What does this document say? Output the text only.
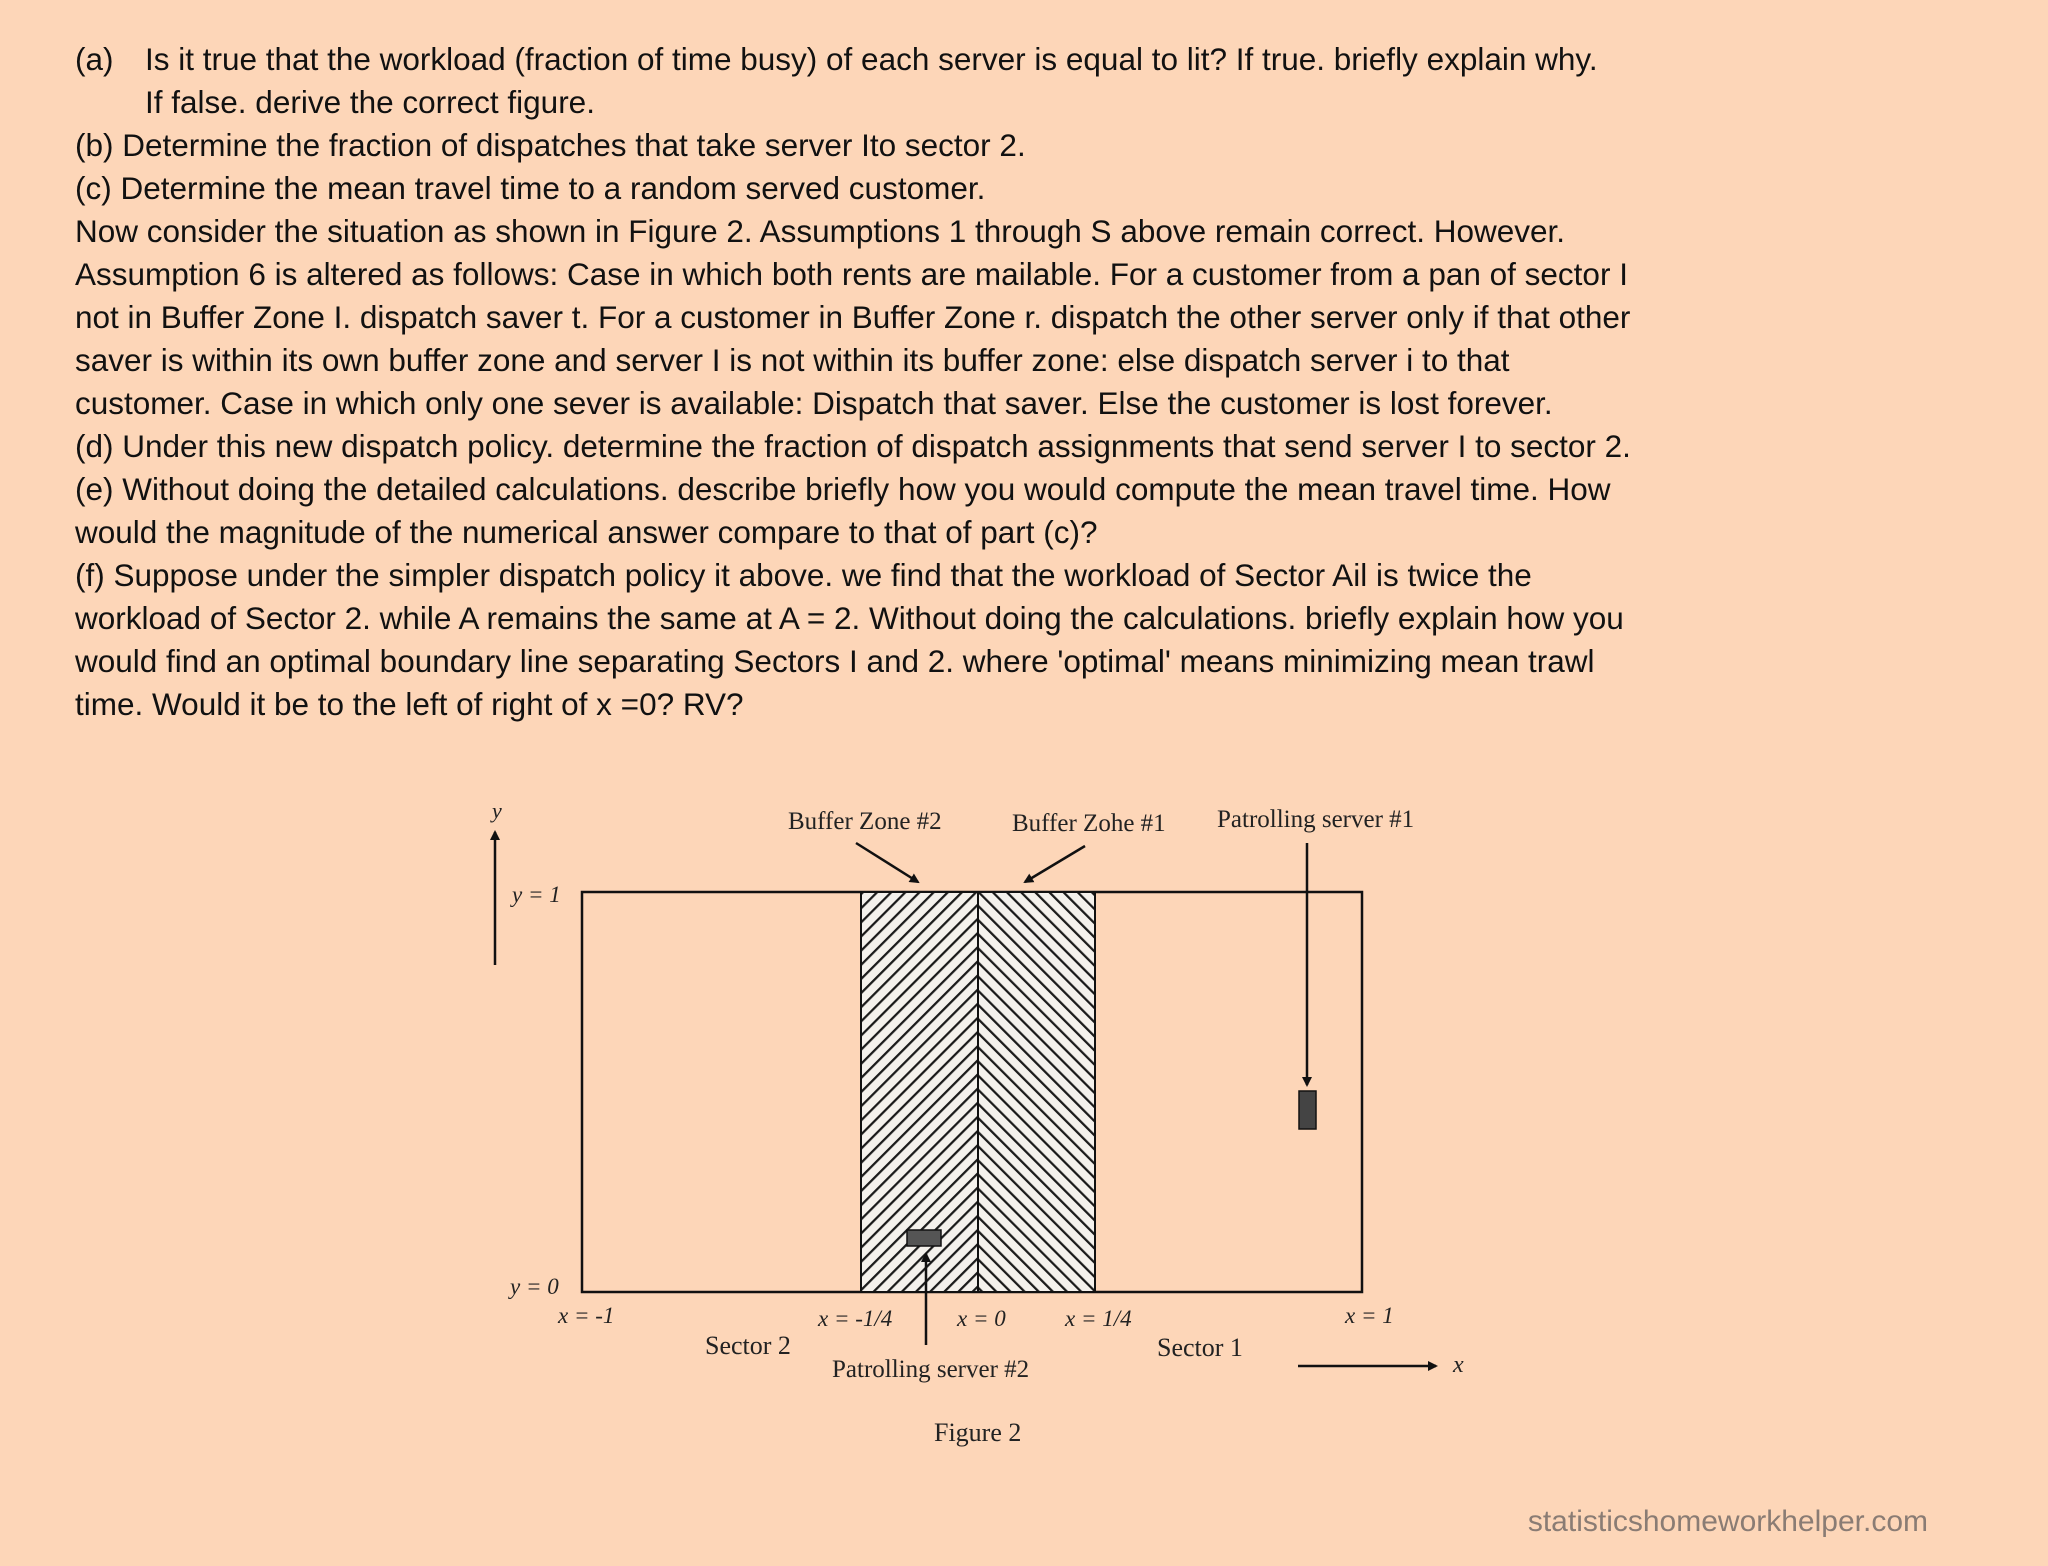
(a)	Is it true that the workload (fraction of time busy) of each server is equal to lit? If true. briefly explain why.
If false. derive the correct figure.
(b) Determine the fraction of dispatches that take server Ito sector 2.
(c) Determine the mean travel time to a random served customer.
Now consider the situation as shown in Figure 2. Assumptions 1 through S above remain correct. However.
Assumption 6 is altered as follows: Case in which both rents are mailable. For a customer from a pan of sector I
not in Buffer Zone I. dispatch saver t. For a customer in Buffer Zone r. dispatch the other server only if that other
saver is within its own buffer zone and server I is not within its buffer zone: else dispatch server i to that
customer. Case in which only one sever is available: Dispatch that saver. Else the customer is lost forever.
(d) Under this new dispatch policy. determine the fraction of dispatch assignments that send server I to sector 2.
(e) Without doing the detailed calculations. describe briefly how you would compute the mean travel time. How
would the magnitude of the numerical answer compare to that of part (c)?
(f) Suppose under the simpler dispatch policy it above. we find that the workload of Sector Ail is twice the
workload of Sector 2. while A remains the same at A = 2. Without doing the calculations. briefly explain how you
would find an optimal boundary line separating Sectors I and 2. where 'optimal' means minimizing mean trawl
time. Would it be to the left of right of x =0? RV?
y	Buffer Zone #2	Buffer Zohe #1 Patrolling server #1
y = 1
y = 0
x = -1	x = -1/4	x = 0	x = 1/4	x = 1
Sector 2	Sector 1
Patrolling server #2	x
Figure 2
statisticshomeworkhelper.com
